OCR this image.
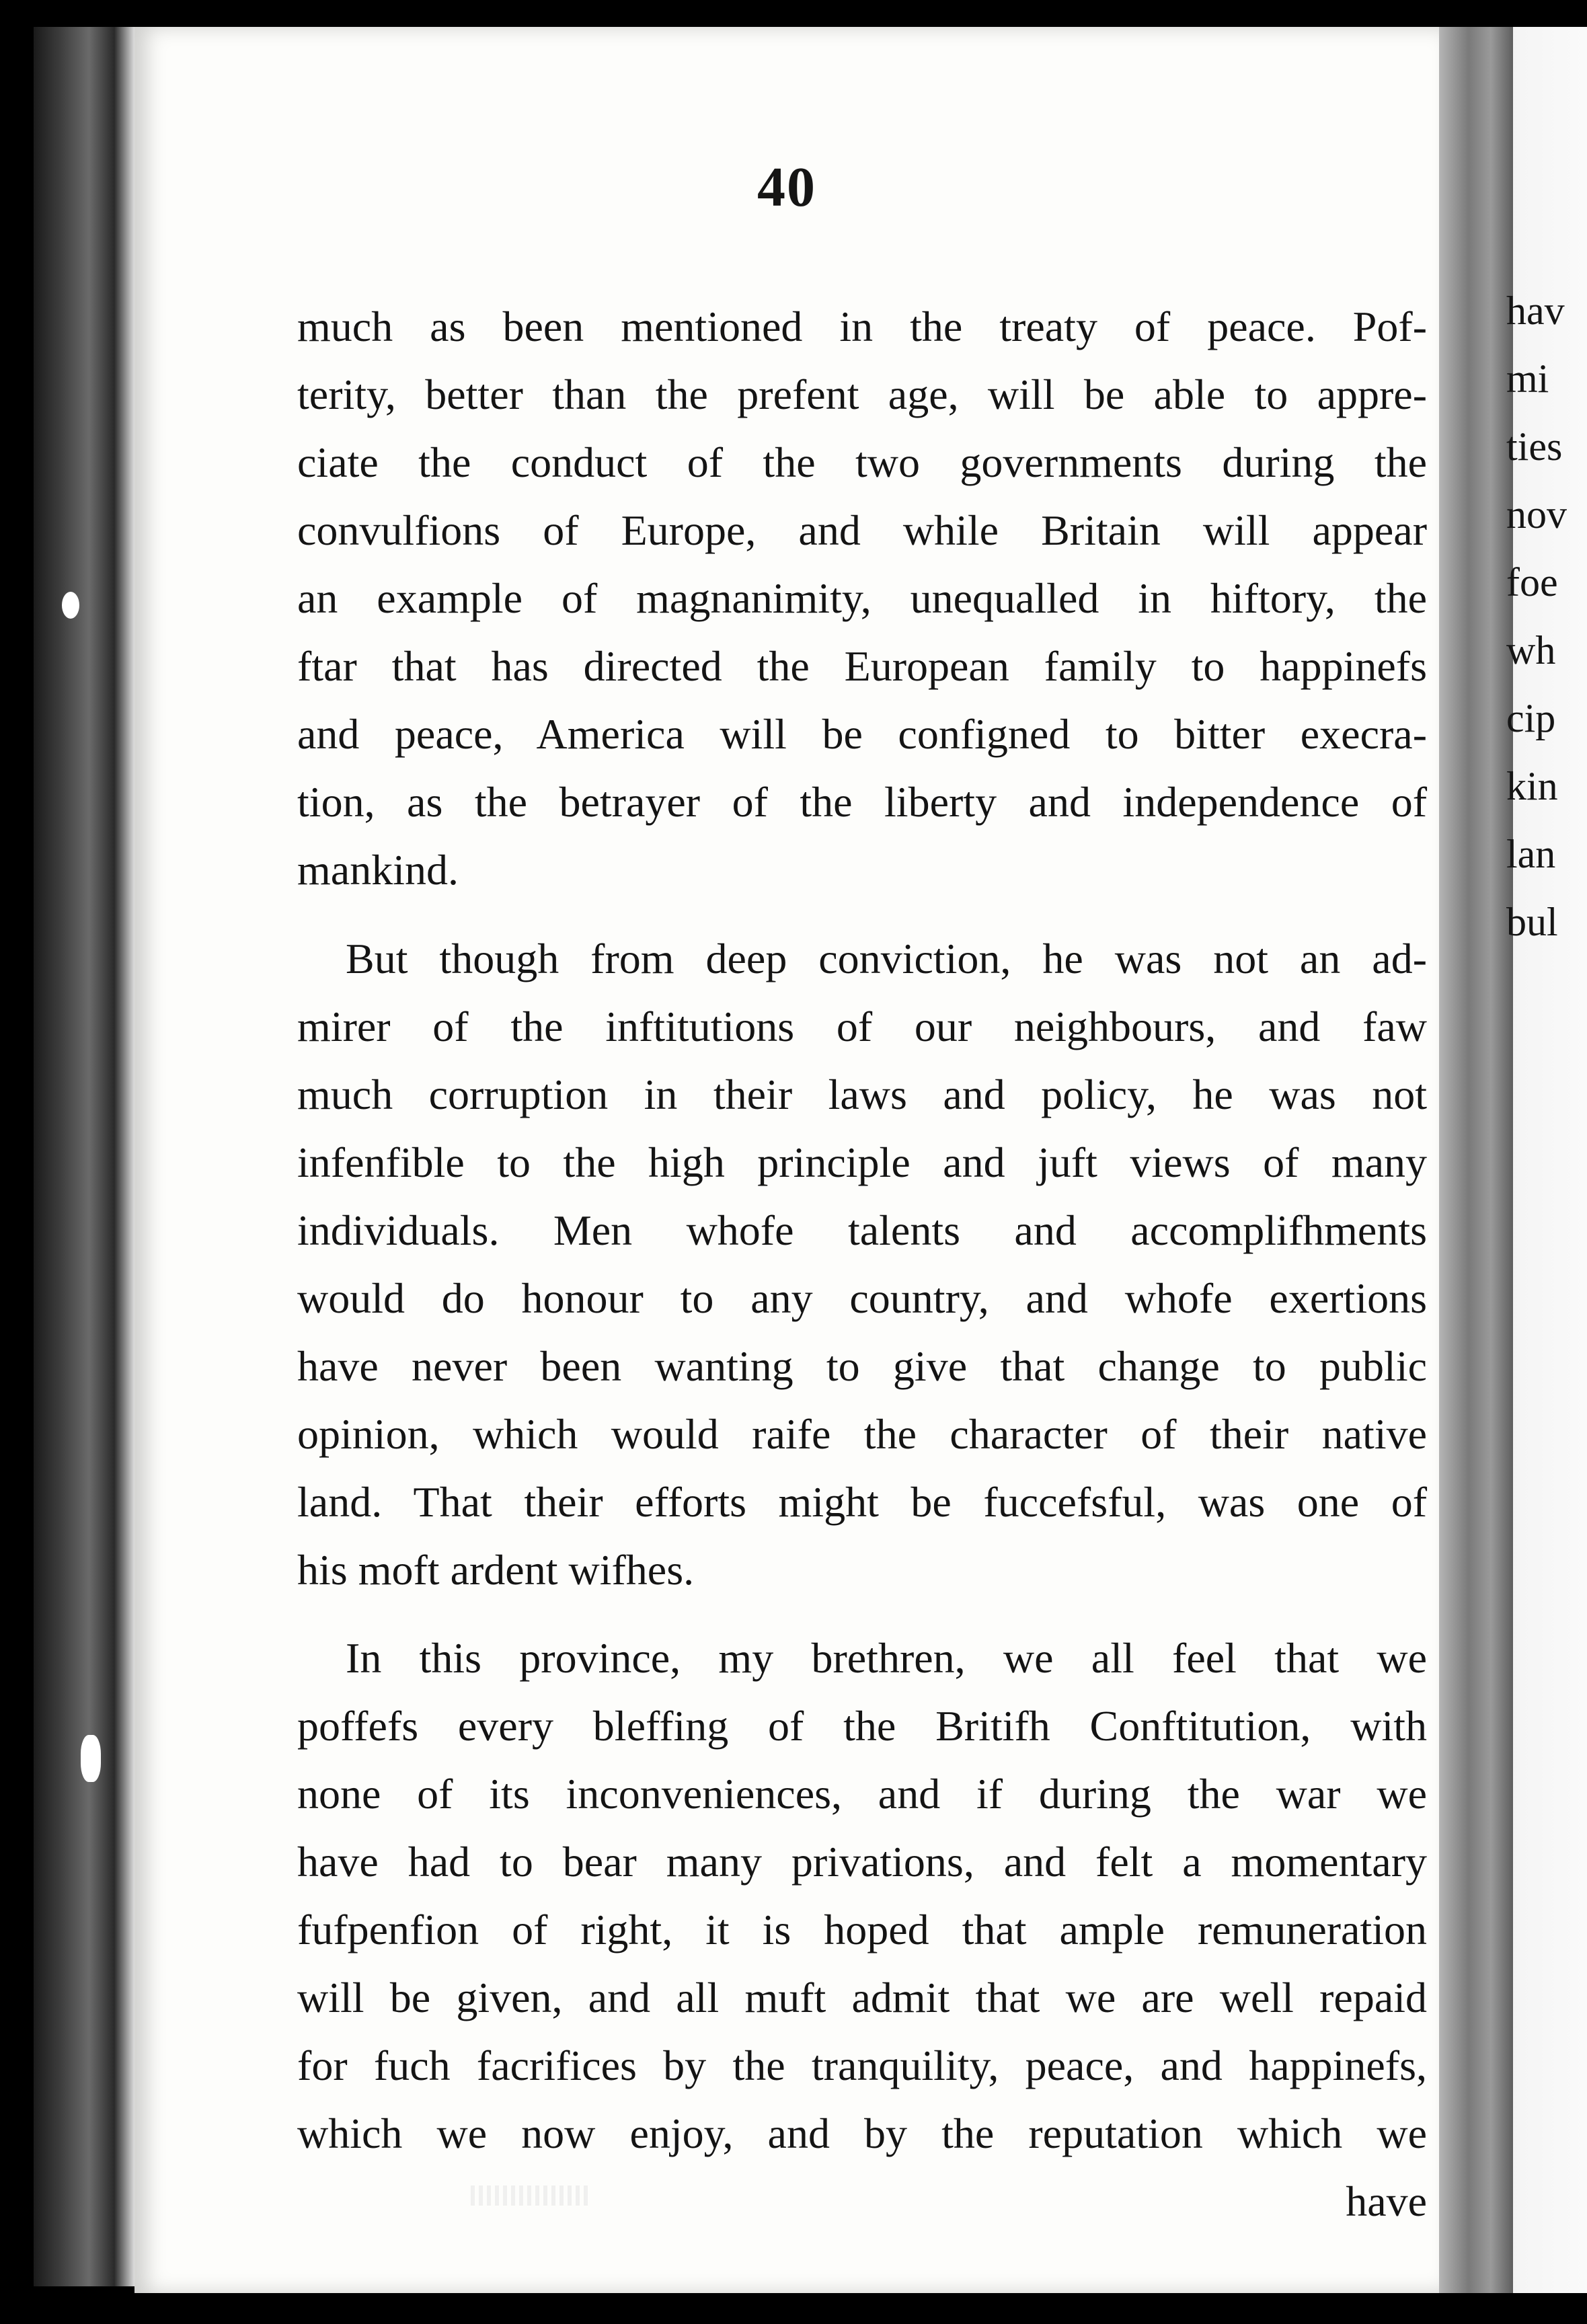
40
much as been mentioned in the treaty of peace. Pof-
terity, better than the prefent age, will be able to appre-
ciate the conduct of the two governments during the
convulfions of Europe, and while Britain will appear
an example of magnanimity, unequalled in hiftory, the
ftar that has directed the European family to happinefs
and peace, America will be configned to bitter execra-
tion, as the betrayer of the liberty and independence of
mankind.
But though from deep conviction, he was not an ad-
mirer of the inftitutions of our neighbours, and faw
much corruption in their laws and policy, he was not
infenfible to the high principle and juft views of many
individuals. Men whofe talents and accomplifhments
would do honour to any country, and whofe exertions
have never been wanting to give that change to public
opinion, which would raife the character of their native
land. That their efforts might be fuccefsful, was one of
his moft ardent wifhes.
In this province, my brethren, we all feel that we
poffefs every bleffing of the Britifh Conftitution, with
none of its inconveniences, and if during the war we
have had to bear many privations, and felt a momentary
fufpenfion of right, it is hoped that ample remuneration
will be given, and all muft admit that we are well repaid
for fuch facrifices by the tranquility, peace, and happinefs,
which we now enjoy, and by the reputation which we
have
hav
mi
ties
nov
foe
wh
cip
kin
lan
bul
